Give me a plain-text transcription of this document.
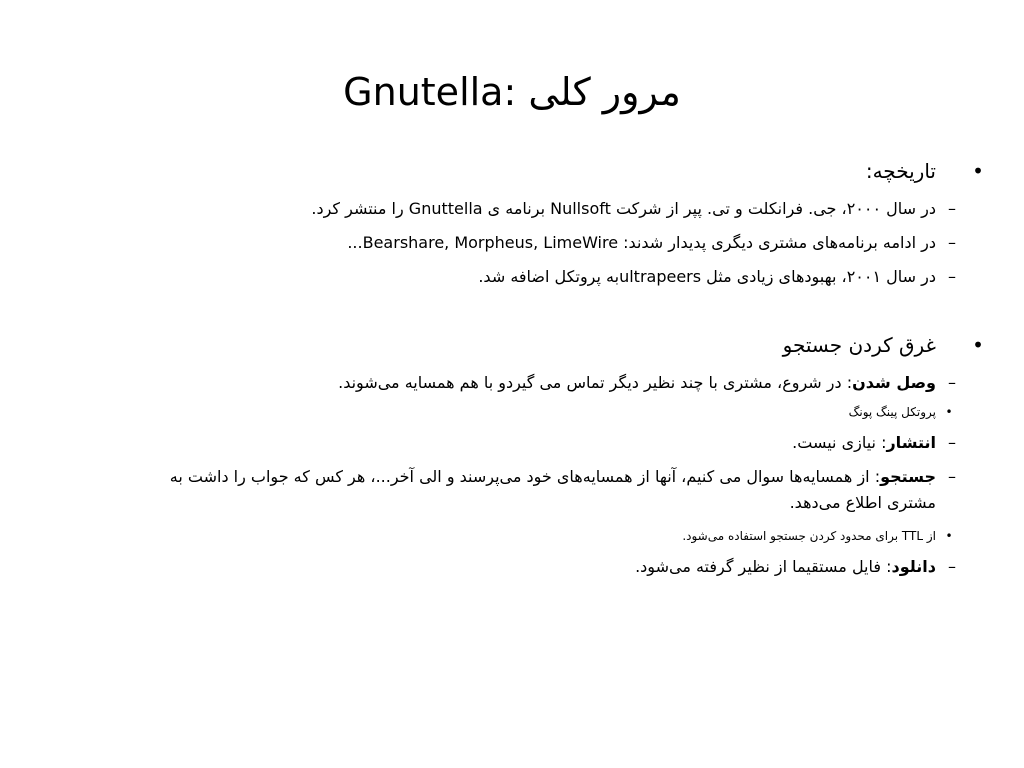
Gnutella: مرور کلی
•
تاریخچه:
–
در سال ۲۰۰۰، جی. فرانکلت و تی. پپر از شرکت Nullsoft برنامه ی Gnuttella را منتشر کرد.
–
در ادامه برنامه‌های مشتری دیگری پدیدار شدند: Bearshare, Morpheus, LimeWire...
–
در سال ۲۰۰۱، بهبودهای زیادی مثل ultrapeersبه پروتکل اضافه شد.
•
غرق کردن جستجو
–
وصل شدن: در شروع، مشتری با چند نظیر دیگر تماس می گیردو با هم همسایه می‌شوند.
•
پروتکل پینگ پونگ
–
انتشار: نیازی نیست.
–
جستجو: از همسایه‌ها سوال می کنیم، آنها از همسایه‌های خود می‌پرسند و الی آخر...، هر کس که جواب را داشت به مشتری اطلاع می‌دهد.
•
از TTL برای محدود کردن جستجو استفاده می‌شود.
–
دانلود: فایل مستقیما از نظیر گرفته می‌شود.
